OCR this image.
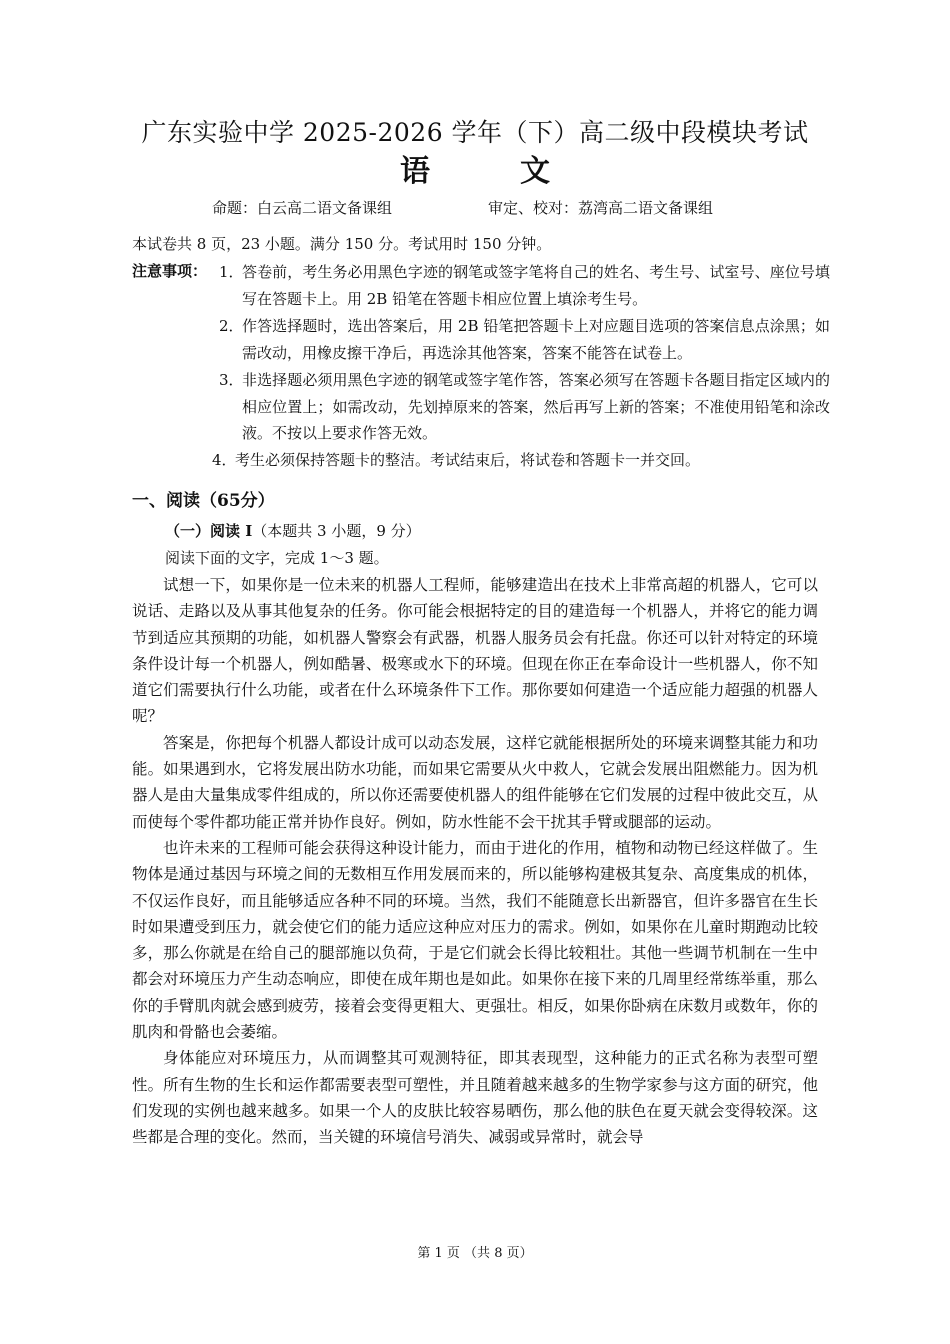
广东实验中学 2025-2026 学年（下）高二级中段模块考试
语　文
命题：白云高二语文备课组	审定、校对：荔湾高二语文备课组
本试卷共 8 页，23 小题。满分 150 分。考试用时 150 分钟。
注意事项： 1．
答卷前，考生务必用黑色字迹的钢笔或签字笔将自己的姓名、考生号、试室号、座位号填写在答题卡上。用 2B 铅笔在答题卡相应位置上填涂考生号。
2．
作答选择题时，选出答案后，用 2B 铅笔把答题卡上对应题目选项的答案信息点涂黑；如需改动，用橡皮擦干净后，再选涂其他答案，答案不能答在试卷上。
3．
非选择题必须用黑色字迹的钢笔或签字笔作答，答案必须写在答题卡各题目指定区域内的相应位置上；如需改动，先划掉原来的答案，然后再写上新的答案；不准使用铅笔和涂改液。不按以上要求作答无效。
4．
考生必须保持答题卡的整洁。考试结束后，将试卷和答题卡一并交回。
一、阅读（65分）
（一）阅读 I（本题共 3 小题，9 分）
阅读下面的文字，完成 1～3 题。

试想一下，如果你是一位未来的机器人工程师，能够建造出在技术上非常高超的机器人，它可以说话、走路以及从事其他复杂的任务。你可能会根据特定的目的建造每一个机器人，并将它的能力调节到适应其预期的功能，如机器人警察会有武器，机器人服务员会有托盘。你还可以针对特定的环境条件设计每一个机器人，例如酷暑、极寒或水下的环境。但现在你正在奉命设计一些机器人，你不知道它们需要执行什么功能，或者在什么环境条件下工作。那你要如何建造一个适应能力超强的机器人呢？

答案是，你把每个机器人都设计成可以动态发展，这样它就能根据所处的环境来调整其能力和功能。如果遇到水，它将发展出防水功能，而如果它需要从火中救人，它就会发展出阻燃能力。因为机器人是由大量集成零件组成的，所以你还需要使机器人的组件能够在它们发展的过程中彼此交互，从而使每个零件都功能正常并协作良好。例如，防水性能不会干扰其手臂或腿部的运动。

也许未来的工程师可能会获得这种设计能力，而由于进化的作用，植物和动物已经这样做了。生物体是通过基因与环境之间的无数相互作用发展而来的，所以能够构建极其复杂、高度集成的机体，不仅运作良好，而且能够适应各种不同的环境。当然，我们不能随意长出新器官，但许多器官在生长时如果遭受到压力，就会使它们的能力适应这种应对压力的需求。例如，如果你在儿童时期跑动比较多，那么你就是在给自己的腿部施以负荷，于是它们就会长得比较粗壮。其他一些调节机制在一生中都会对环境压力产生动态响应，即使在成年期也是如此。如果你在接下来的几周里经常练举重，那么你的手臂肌肉就会感到疲劳，接着会变得更粗大、更强壮。相反，如果你卧病在床数月或数年，你的肌肉和骨骼也会萎缩。

身体能应对环境压力，从而调整其可观测特征，即其表现型，这种能力的正式名称为表型可塑性。所有生物的生长和运作都需要表型可塑性，并且随着越来越多的生物学家参与这方面的研究，他们发现的实例也越来越多。如果一个人的皮肤比较容易晒伤，那么他的肤色在夏天就会变得较深。这些都是合理的变化。然而，当关键的环境信号消失、减弱或异常时，就会导

第 1 页 （共 8 页）
